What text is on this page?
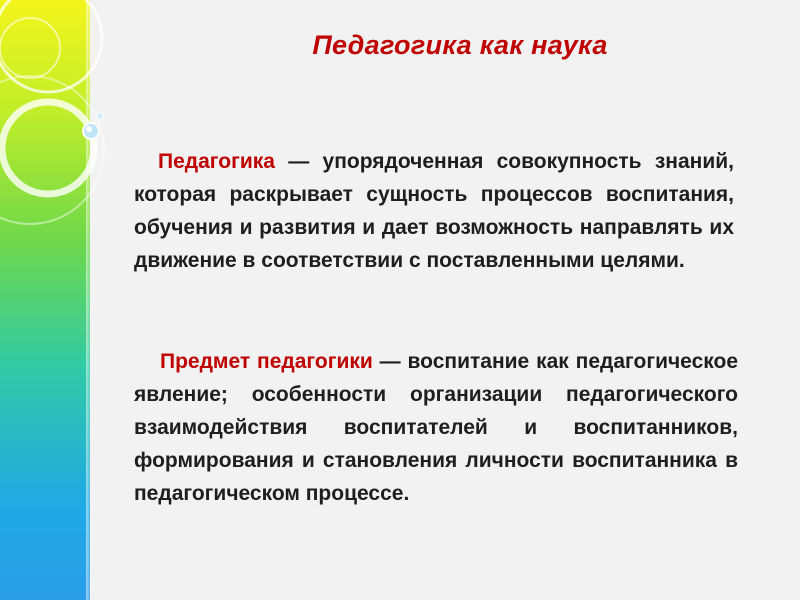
Педагогика как наука

Педагогика — упорядоченная совокупность знаний, которая раскрывает сущность процессов воспитания, обучения и развития и дает возможность направлять их движение в соответствии с поставленными целями.

Предмет педагогики — воспитание как педагогическое явление; особенности организации педагогического взаимодействия воспитателей и воспитанников, формирования и становления личности воспитанника в педагогическом процессе.
